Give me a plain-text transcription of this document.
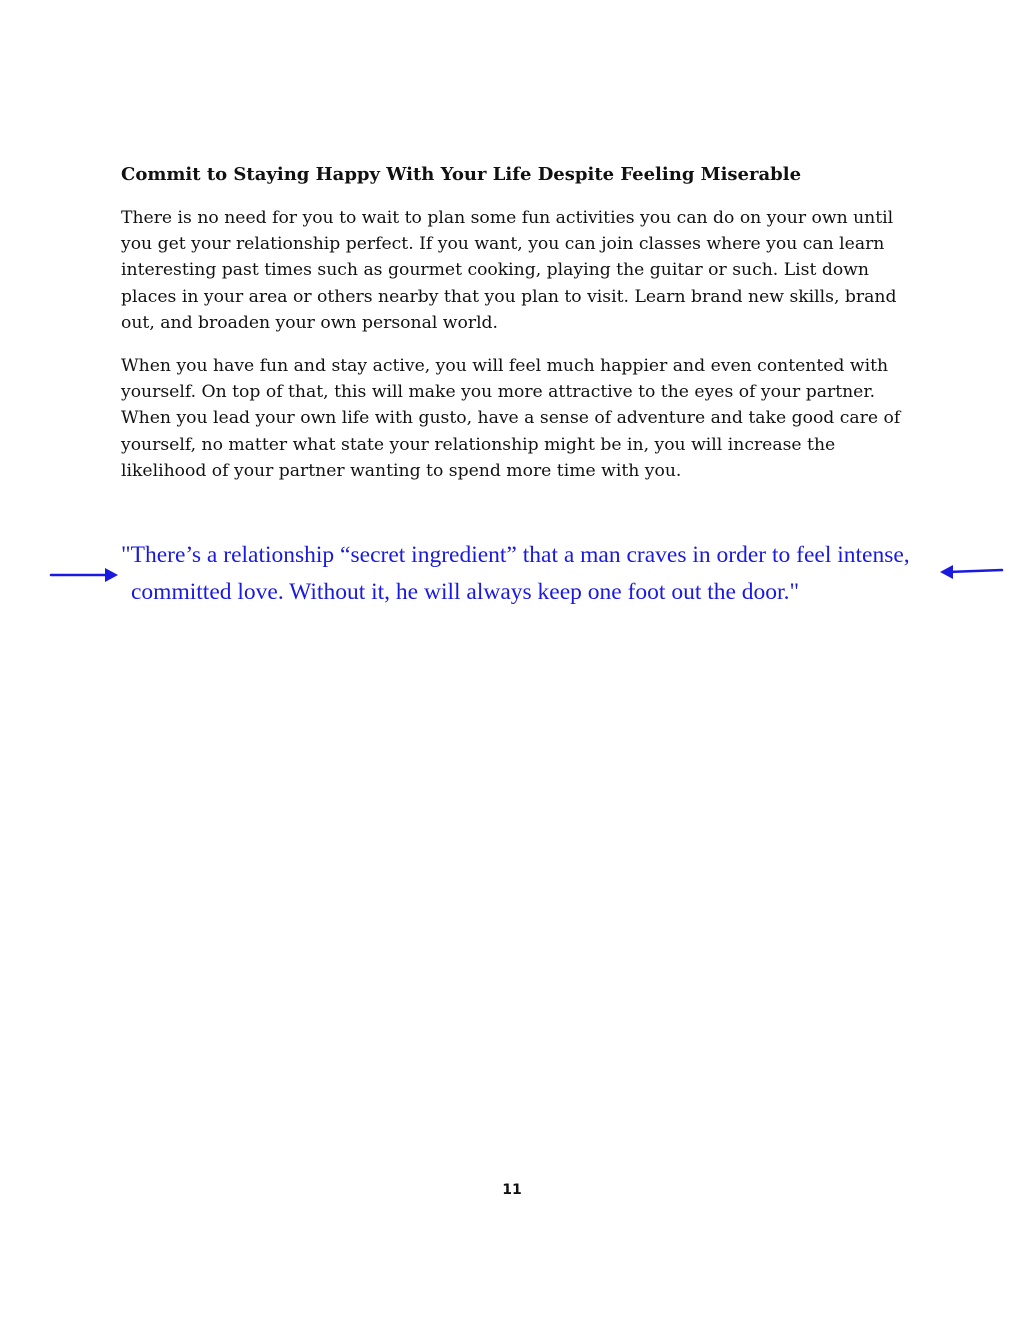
Commit to Staying Happy With Your Life Despite Feeling Miserable

There is no need for you to wait to plan some fun activities you can do on your own until you get your relationship perfect. If you want, you can join classes where you can learn interesting past times such as gourmet cooking, playing the guitar or such. List down places in your area or others nearby that you plan to visit. Learn brand new skills, brand out, and broaden your own personal world.

When you have fun and stay active, you will feel much happier and even contented with yourself. On top of that, this will make you more attractive to the eyes of your partner. When you lead your own life with gusto, have a sense of adventure and take good care of yourself, no matter what state your relationship might be in, you will increase the likelihood of your partner wanting to spend more time with you.

"There’s a relationship “secret ingredient” that a man craves in order to feel intense,

committed love. Without it, he will always keep one foot out the door."

11
